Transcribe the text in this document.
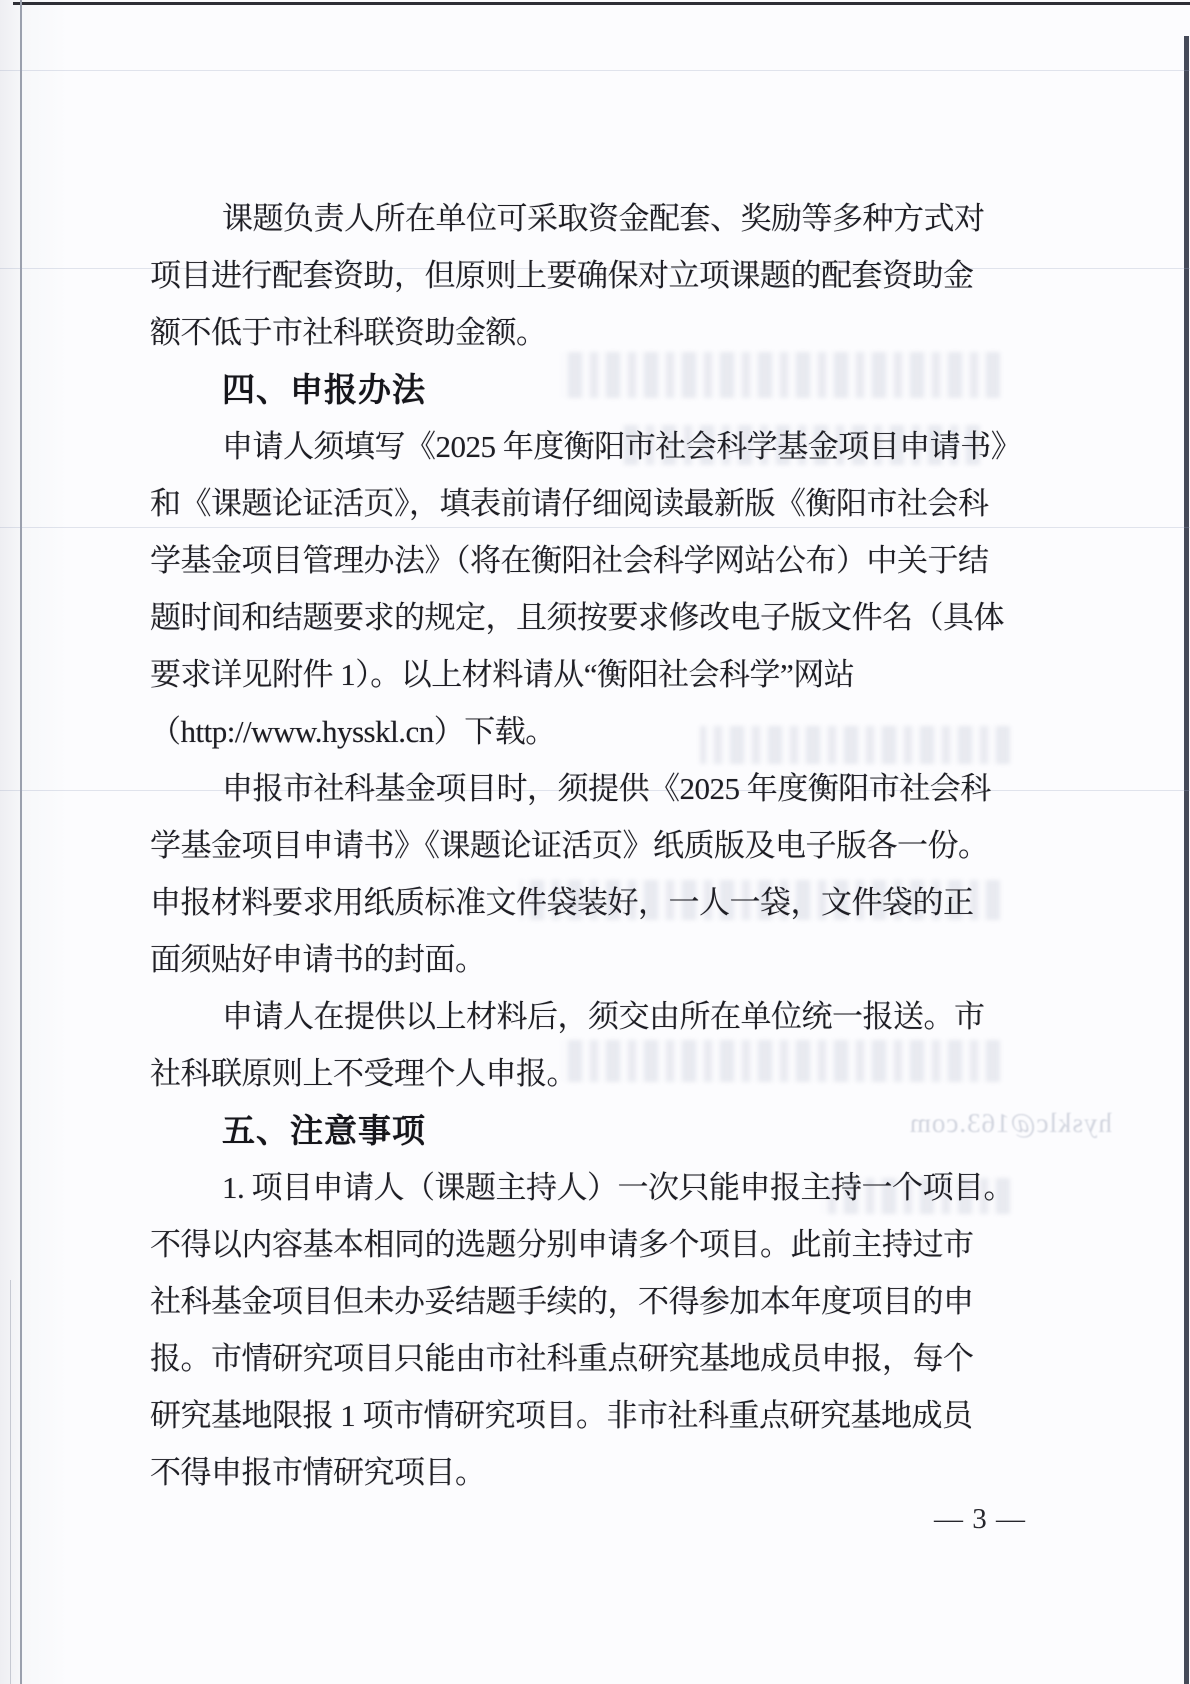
hysklc@163.com
课题负责人所在单位可采取资金配套、奖励等多种方式对
项目进行配套资助，但原则上要确保对立项课题的配套资助金
额不低于市社科联资助金额。
四、申报办法
申请人须填写《2025 年度衡阳市社会科学基金项目申请书》
和《课题论证活页》，填表前请仔细阅读最新版《衡阳市社会科
学基金项目管理办法》（将在衡阳社会科学网站公布）中关于结
题时间和结题要求的规定，且须按要求修改电子版文件名（具体
要求详见附件 1）。以上材料请从“衡阳社会科学”网站
（http://www.hysskl.cn）下载。
申报市社科基金项目时，须提供《2025 年度衡阳市社会科
学基金项目申请书》《课题论证活页》纸质版及电子版各一份。
申报材料要求用纸质标准文件袋装好，一人一袋，文件袋的正
面须贴好申请书的封面。
申请人在提供以上材料后，须交由所在单位统一报送。市
社科联原则上不受理个人申报。
五、注意事项
1. 项目申请人（课题主持人）一次只能申报主持一个项目。
不得以内容基本相同的选题分别申请多个项目。此前主持过市
社科基金项目但未办妥结题手续的，不得参加本年度项目的申
报。市情研究项目只能由市社科重点研究基地成员申报，每个
研究基地限报 1 项市情研究项目。非市社科重点研究基地成员
不得申报市情研究项目。
— 3 —
